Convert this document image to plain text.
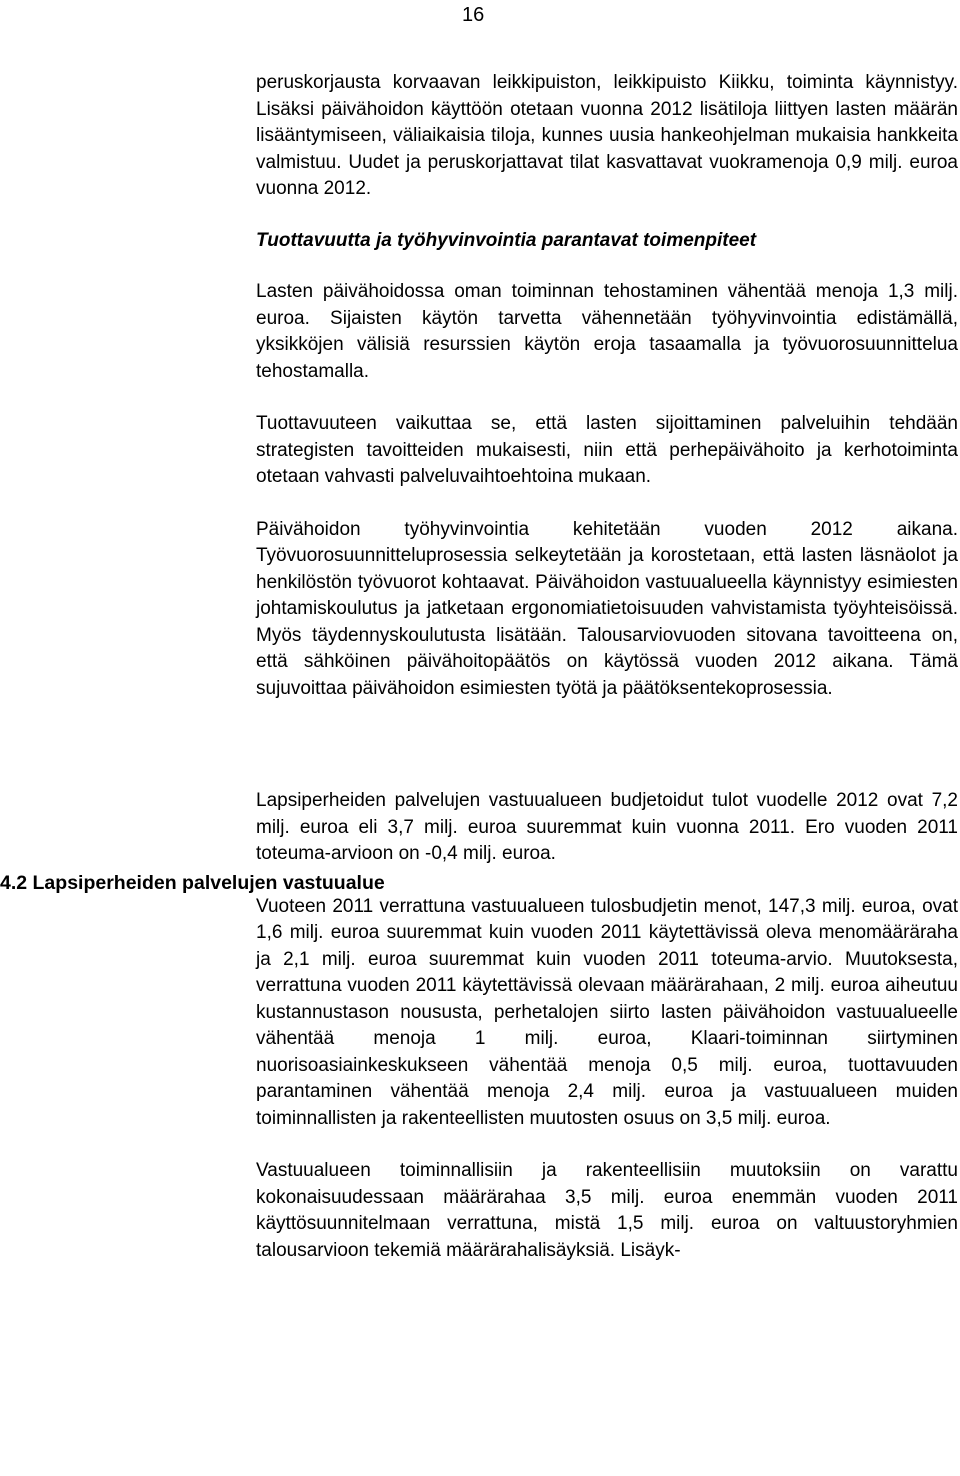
16
4.2 Lapsiperheiden palvelujen vastuualue

peruskorjausta korvaavan leikkipuiston, leikkipuisto Kiikku, toiminta käynnistyy. Lisäksi päivähoidon käyttöön otetaan vuonna 2012 lisätiloja liittyen lasten määrän lisääntymiseen, väliaikaisia tiloja, kunnes uusia hankeohjelman mukaisia hankkeita valmistuu. Uudet ja peruskorjattavat tilat kasvattavat vuokramenoja 0,9 milj. euroa vuonna 2012.

Tuottavuutta ja työhyvinvointia parantavat toimenpiteet

Lasten päivähoidossa oman toiminnan tehostaminen vähentää menoja 1,3 milj. euroa. Sijaisten käytön tarvetta vähennetään työhyvinvointia edistämällä, yksikköjen välisiä resurssien käytön eroja tasaamalla ja työvuorosuunnittelua tehostamalla.

Tuottavuuteen vaikuttaa se, että lasten sijoittaminen palveluihin tehdään strategisten tavoitteiden mukaisesti, niin että perhepäivähoito ja kerhotoiminta otetaan vahvasti palveluvaihtoehtoina mukaan.

Päivähoidon työhyvinvointia kehitetään vuoden 2012 aikana. Työvuorosuunnitteluprosessia selkeytetään ja korostetaan, että lasten läsnäolot ja henkilöstön työvuorot kohtaavat. Päivähoidon vastuualueella käynnistyy esimiesten johtamiskoulutus ja jatketaan ergonomiatietoisuuden vahvistamista työyhteisöissä. Myös täydennyskoulutusta lisätään. Talousarviovuoden sitovana tavoitteena on, että sähköinen päivähoitopäätös on käytössä vuoden 2012 aikana. Tämä sujuvoittaa päivähoidon esimiesten työtä ja päätöksentekoprosessia.

Lapsiperheiden palvelujen vastuualueen budjetoidut tulot vuodelle 2012 ovat 7,2 milj. euroa eli 3,7 milj. euroa suuremmat kuin vuonna 2011. Ero vuoden 2011 toteuma-arvioon on -0,4 milj. euroa.

Vuoteen 2011 verrattuna vastuualueen tulosbudjetin menot, 147,3 milj. euroa, ovat 1,6 milj. euroa suuremmat kuin vuoden 2011 käytettävissä oleva menomääräraha ja 2,1 milj. euroa suuremmat kuin vuoden 2011 toteuma-arvio. Muutoksesta, verrattuna vuoden 2011 käytettävissä olevaan määrärahaan, 2 milj. euroa aiheutuu kustannustason noususta, perhetalojen siirto lasten päivähoidon vastuualueelle vähentää menoja 1 milj. euroa, Klaari-toiminnan siirtyminen nuorisoasiainkeskukseen vähentää menoja 0,5 milj. euroa, tuottavuuden parantaminen vähentää menoja 2,4 milj. euroa ja vastuualueen muiden toiminnallisten ja rakenteellisten muutosten osuus on 3,5 milj. euroa.

Vastuualueen toiminnallisiin ja rakenteellisiin muutoksiin on varattu kokonaisuudessaan määrärahaa 3,5 milj. euroa enemmän vuoden 2011 käyttösuunnitelmaan verrattuna, mistä 1,5 milj. euroa on valtuustoryhmien talousarvioon tekemiä määrärahalisäyksiä. Lisäyk-
